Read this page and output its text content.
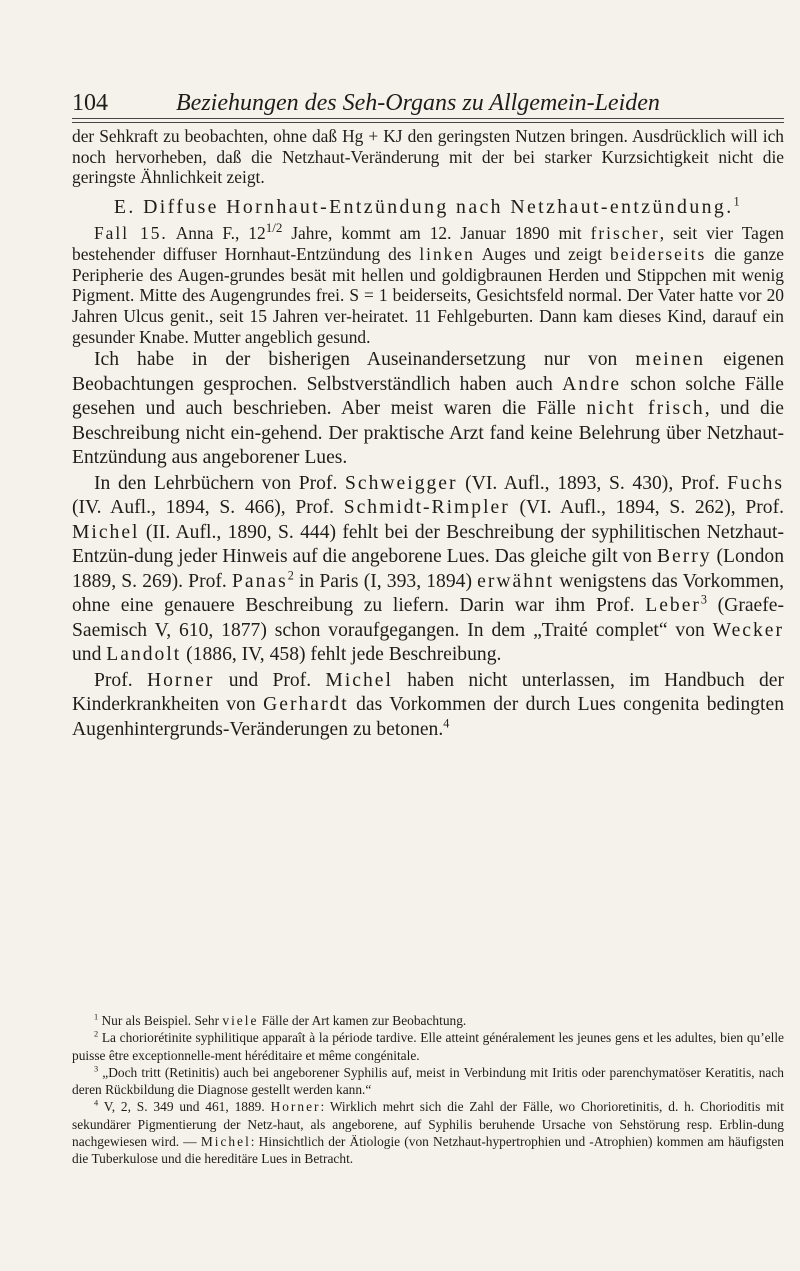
104	Beziehungen des Seh-Organs zu Allgemein-Leiden

der Sehkraft zu beobachten, ohne daß Hg + KJ den geringsten Nutzen bringen. Ausdrücklich will ich noch hervorheben, daß die Netzhaut-Veränderung mit der bei starker Kurzsichtigkeit nicht die geringste Ähnlichkeit zeigt.

E. Diffuse Hornhaut-Entzündung nach Netzhaut-entzündung.$^1$

Fall 15. Anna F., $12^{1/2}$ Jahre, kommt am 12. Januar 1890 mit frischer, seit vier Tagen bestehender diffuser Hornhaut-Entzündung des linken Auges und zeigt beiderseits die ganze Peripherie des Augen-grundes besät mit hellen und goldigbraunen Herden und Stippchen mit wenig Pigment. Mitte des Augengrundes frei. S = 1 beiderseits, Gesichtsfeld normal. Der Vater hatte vor 20 Jahren Ulcus genit., seit 15 Jahren ver-heiratet. 11 Fehlgeburten. Dann kam dieses Kind, darauf ein gesunder Knabe. Mutter angeblich gesund.

Ich habe in der bisherigen Auseinandersetzung nur von meinen eigenen Beobachtungen gesprochen. Selbstverständlich haben auch Andre schon solche Fälle gesehen und auch beschrieben. Aber meist waren die Fälle nicht frisch, und die Beschreibung nicht ein-gehend. Der praktische Arzt fand keine Belehrung über Netzhaut-Entzündung aus angeborener Lues.

In den Lehrbüchern von Prof. Schweigger (VI. Aufl., 1893, S. 430), Prof. Fuchs (IV. Aufl., 1894, S. 466), Prof. Schmidt-Rimpler (VI. Aufl., 1894, S. 262), Prof. Michel (II. Aufl., 1890, S. 444) fehlt bei der Beschreibung der syphilitischen Netzhaut-Entzün-dung jeder Hinweis auf die angeborene Lues. Das gleiche gilt von Berry (London 1889, S. 269). Prof. Panas$^2$ in Paris (I, 393, 1894) erwähnt wenigstens das Vorkommen, ohne eine genauere Beschreibung zu liefern. Darin war ihm Prof. Leber$^3$ (Graefe-Saemisch V, 610, 1877) schon voraufgegangen. In dem „Traité complet“ von Wecker und Landolt (1886, IV, 458) fehlt jede Beschreibung.

Prof. Horner und Prof. Michel haben nicht unterlassen, im Handbuch der Kinderkrankheiten von Gerhardt das Vorkommen der durch Lues congenita bedingten Augenhintergrunds-Veränderungen zu betonen.$^4$

$^1$ Nur als Beispiel. Sehr viele Fälle der Art kamen zur Beobachtung.

$^2$ La choriorétinite syphilitique apparaît à la période tardive. Elle atteint généralement les jeunes gens et les adultes, bien qu’elle puisse être exceptionnelle-ment héréditaire et même congénitale.

$^3$ „Doch tritt (Retinitis) auch bei angeborener Syphilis auf, meist in Verbindung mit Iritis oder parenchymatöser Keratitis, nach deren Rückbildung die Diagnose gestellt werden kann.“

$^4$ V, 2, S. 349 und 461, 1889. Horner: Wirklich mehrt sich die Zahl der Fälle, wo Chorioretinitis, d. h. Chorioditis mit sekundärer Pigmentierung der Netz-haut, als angeborene, auf Syphilis beruhende Ursache von Sehstörung resp. Erblin-dung nachgewiesen wird. — Michel: Hinsichtlich der Ätiologie (von Netzhaut-hypertrophien und -Atrophien) kommen am häufigsten die Tuberkulose und die hereditäre Lues in Betracht.
